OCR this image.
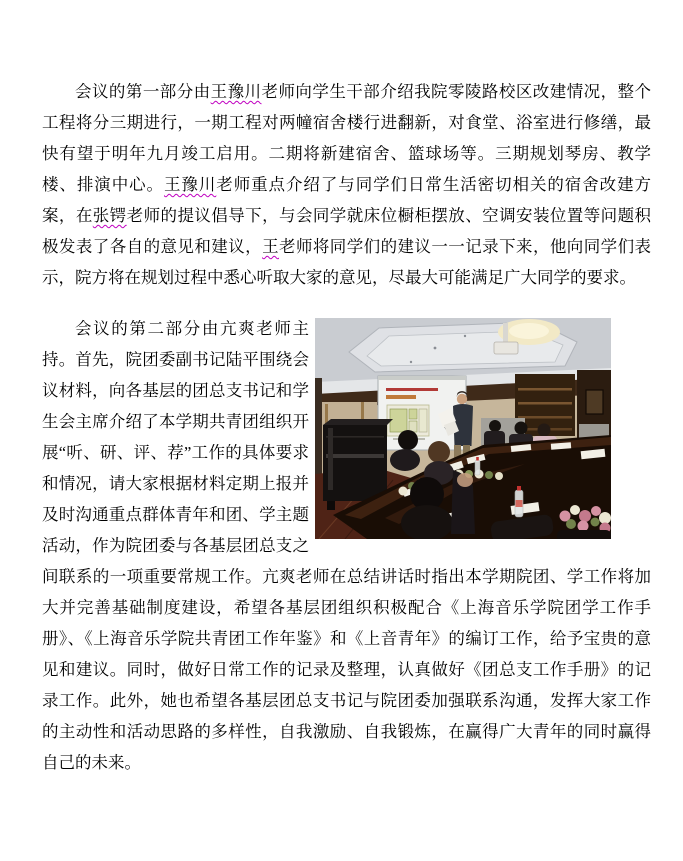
会议的第一部分由王豫川老师向学生干部介绍我院零陵路校区改建情况，整个工程将分三期进行，一期工程对两幢宿舍楼行进翻新，对食堂、浴室进行修缮，最快有望于明年九月竣工启用。二期将新建宿舍、篮球场等。三期规划琴房、教学楼、排演中心。王豫川老师重点介绍了与同学们日常生活密切相关的宿舍改建方案，在张锷老师的提议倡导下，与会同学就床位橱柜摆放、空调安装位置等问题积极发表了各自的意见和建议，王老师将同学们的建议一一记录下来，他向同学们表示，院方将在规划过程中悉心听取大家的意见，尽最大可能满足广大同学的要求。

会议的第二部分由亢爽老师主持。首先，院团委副书记陆平围绕会议材料，向各基层的团总支书记和学生会主席介绍了本学期共青团组织开展“听、研、评、荐”工作的具体要求和情况，请大家根据材料定期上报并及时沟通重点群体青年和团、学主题活动，作为院团委与各基层团总支之间联系的一项重要常规工作。亢爽老师在总结讲话时指出本学期院团、学工作将加大并完善基础制度建设，希望各基层团组织积极配合《上海音乐学院团学工作手册》、《上海音乐学院共青团工作年鉴》和《上音青年》的编订工作，给予宝贵的意见和建议。同时，做好日常工作的记录及整理，认真做好《团总支工作手册》的记录工作。此外，她也希望各基层团总支书记与院团委加强联系沟通，发挥大家工作的主动性和活动思路的多样性，自我激励、自我锻炼，在赢得广大青年的同时赢得自己的未来。
